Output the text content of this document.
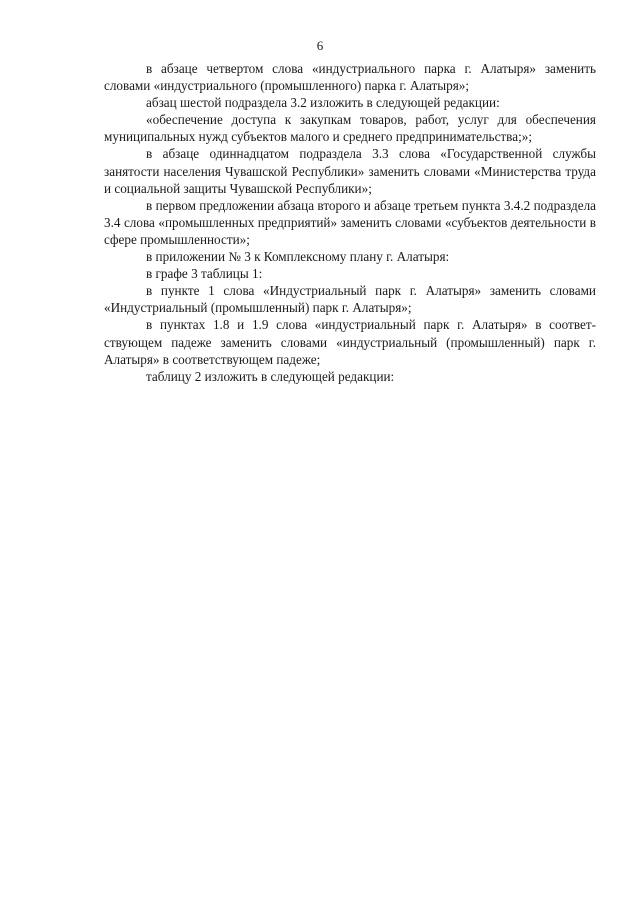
6

в абзаце четвертом слова «индустриального парка г. Алатыря» заменить словами «индустриального (промышленного) парка г. Алатыря»;

абзац шестой подраздела 3.2 изложить в следующей редакции:

«обеспечение доступа к закупкам товаров, работ, услуг для обеспечения муниципальных нужд субъектов малого и среднего предпринимательства;»;

в абзаце одиннадцатом подраздела 3.3 слова «Государственной службы занятости населения Чувашской Республики» заменить словами «Министерства труда и социальной защиты Чувашской Республики»;

в первом предложении абзаца второго и абзаце третьем пункта 3.4.2 подраздела 3.4 слова «промышленных предприятий» заменить словами «субъектов деятельности в сфере промышленности»;

в приложении № 3 к Комплексному плану г. Алатыря:

в графе 3 таблицы 1:

в пункте 1 слова «Индустриальный парк г. Алатыря» заменить словами «Индустриальный (промышленный) парк г. Алатыря»;

в пунктах 1.8 и 1.9 слова «индустриальный парк г. Алатыря» в соответствующем падеже заменить словами «индустриальный (промышленный) парк г. Алатыря» в соответствующем падеже;

таблицу 2 изложить в следующей редакции:
